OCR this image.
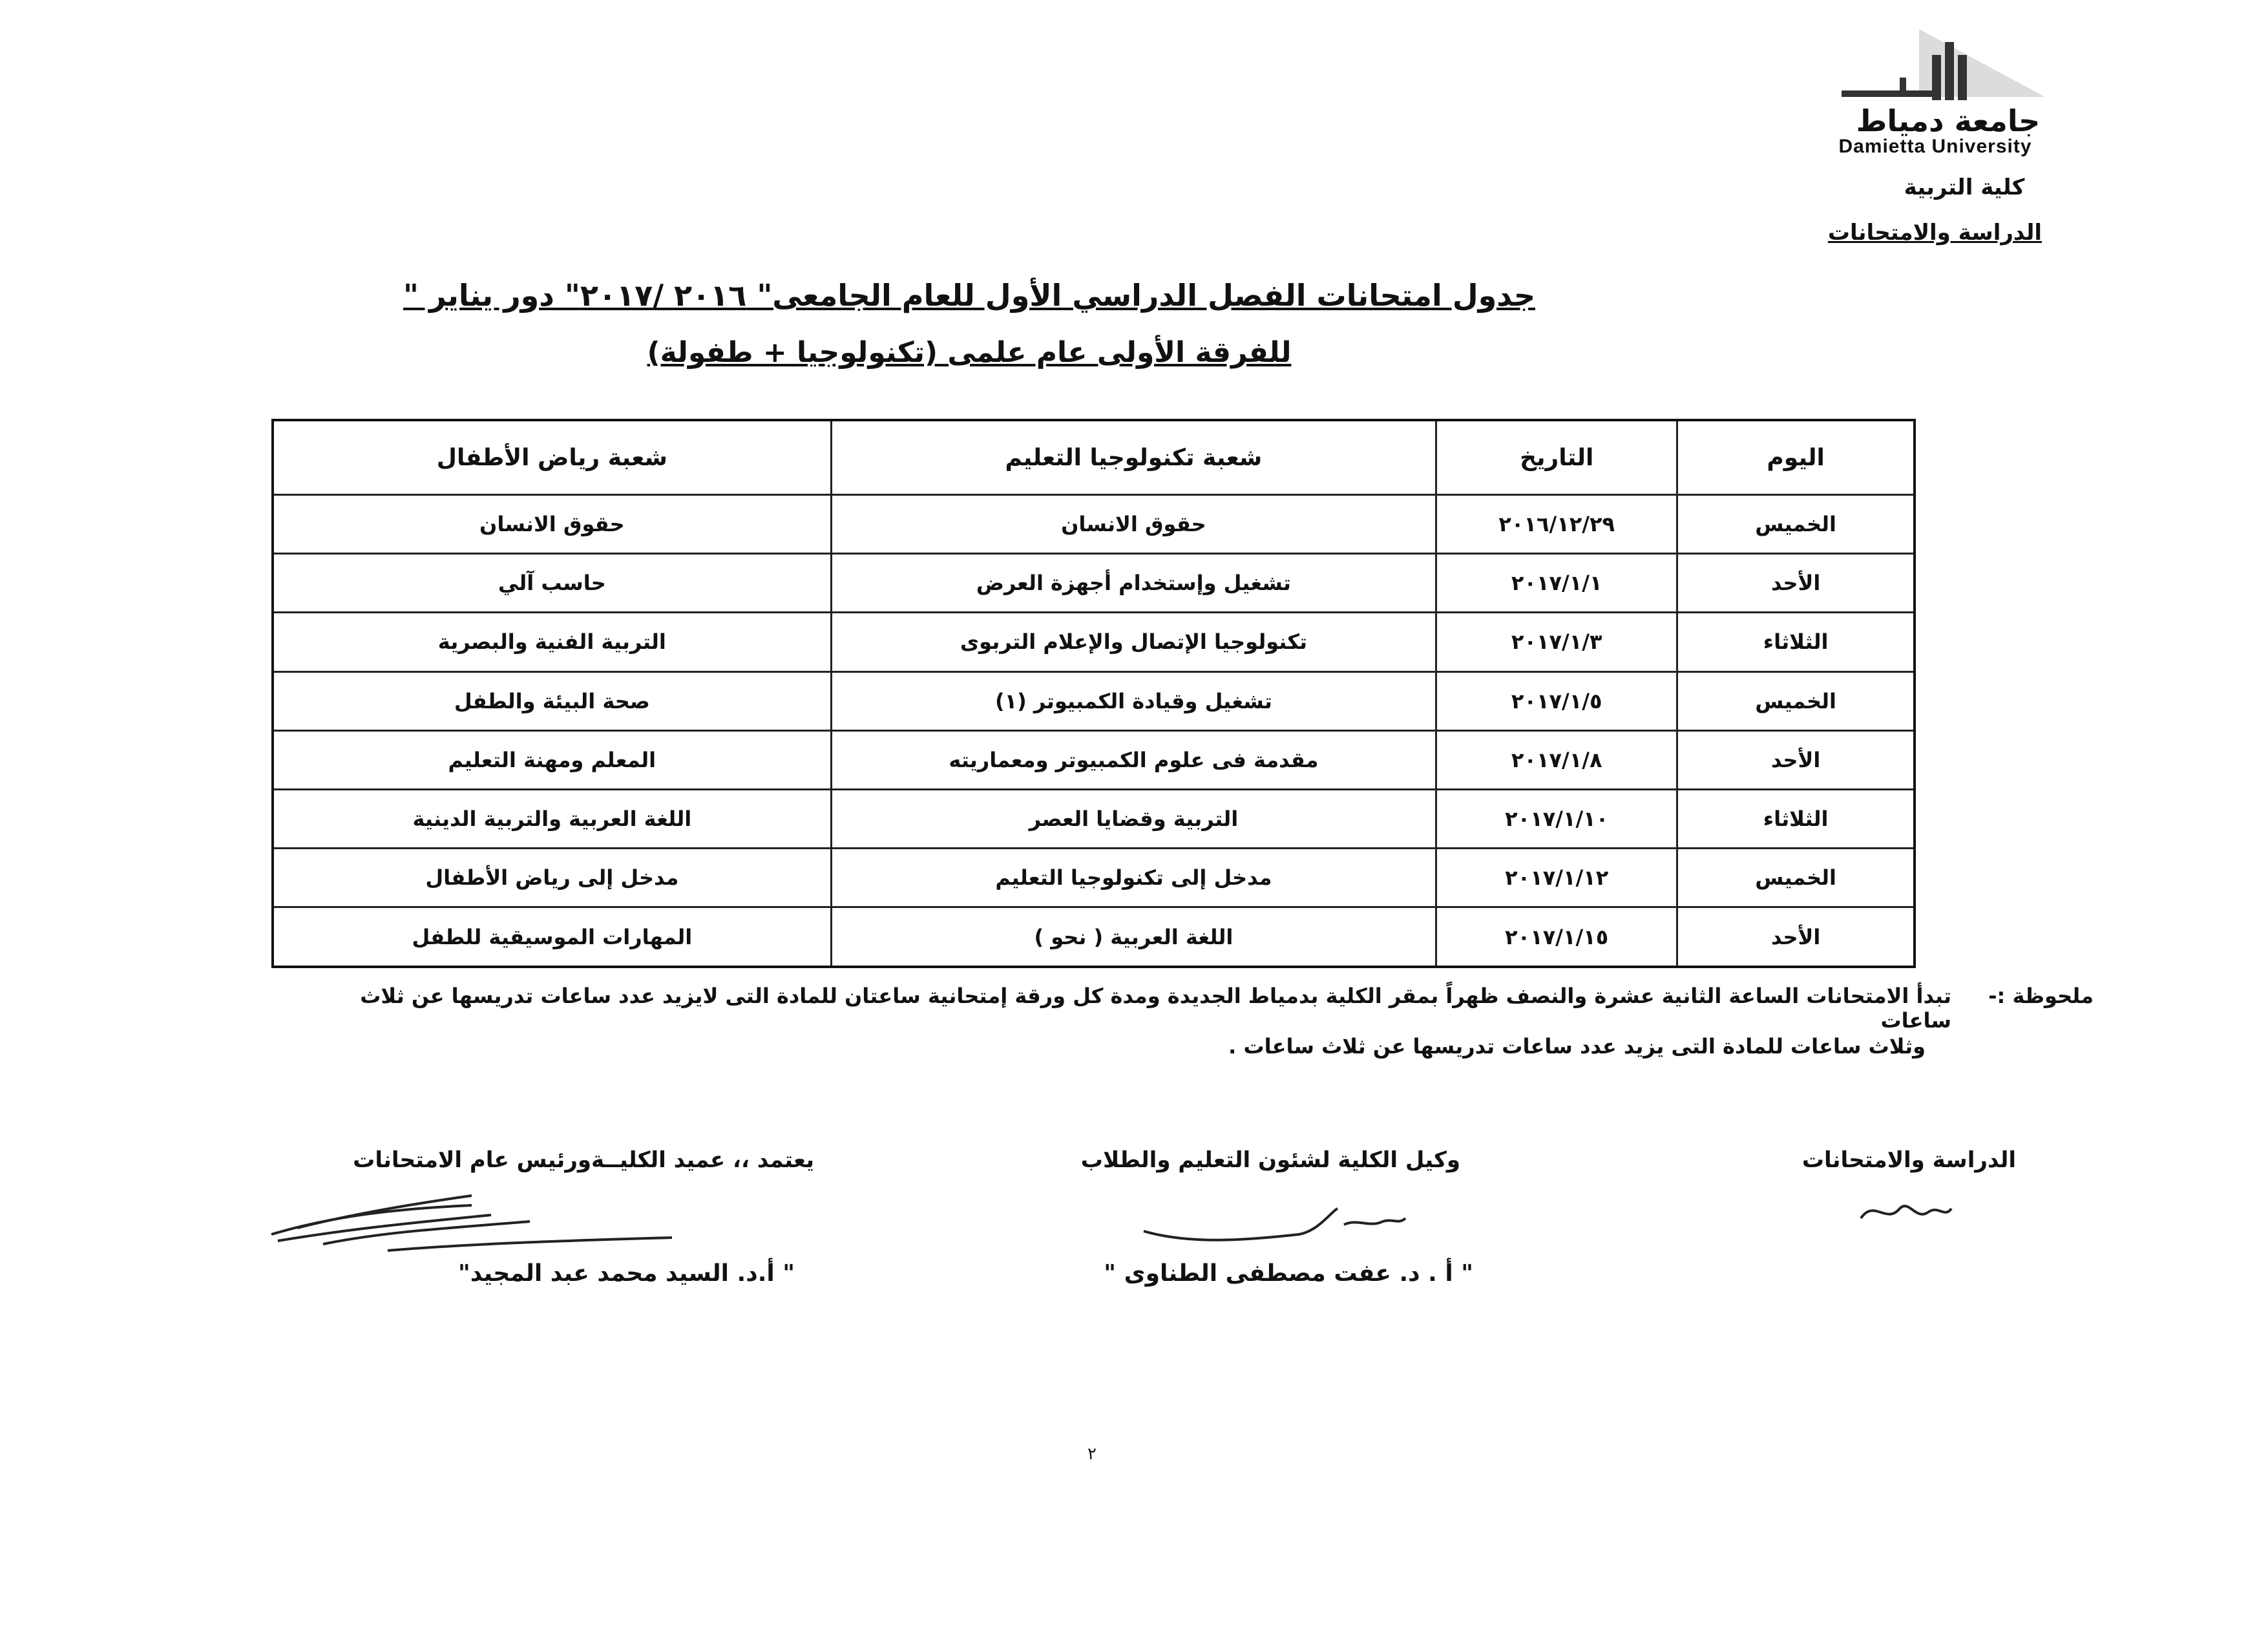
جامعة دمياط
Damietta University
كلية التربية
الدراسة والامتحانات
جدول امتحانات الفصل الدراسي الأول للعام الجامعى" ٢٠١٦ /٢٠١٧" دور يناير "
للفرقة الأولى عام علمى (تكنولوجيا + طفولة)
اليوم	التاريخ	شعبة تكنولوجيا التعليم	شعبة رياض الأطفال
الخميس	٢٠١٦/١٢/٢٩	حقوق الانسان	حقوق الانسان
الأحد	٢٠١٧/١/١	تشغيل وإستخدام أجهزة العرض	حاسب آلي
الثلاثاء	٢٠١٧/١/٣	تكنولوجيا الإتصال والإعلام التربوى	التربية الفنية والبصرية
الخميس	٢٠١٧/١/٥	تشغيل وقيادة الكمبيوتر (١)	صحة البيئة والطفل
الأحد	٢٠١٧/١/٨	مقدمة فى علوم الكمبيوتر ومعماريته	المعلم ومهنة التعليم
الثلاثاء	٢٠١٧/١/١٠	التربية وقضايا العصر	اللغة العربية والتربية الدينية
الخميس	٢٠١٧/١/١٢	مدخل إلى تكنولوجيا التعليم	مدخل إلى رياض الأطفال
الأحد	٢٠١٧/١/١٥	اللغة العربية ( نحو )	المهارات الموسيقية للطفل
ملحوظة :-
تبدأ الامتحانات الساعة الثانية عشرة والنصف ظهراً بمقر الكلية بدمياط الجديدة ومدة كل ورقة إمتحانية ساعتان للمادة التى لايزيد عدد ساعات تدريسها عن ثلاث ساعات
وثلاث ساعات للمادة التى يزيد عدد ساعات تدريسها عن ثلاث ساعات .
الدراسة والامتحانات
وكيل الكلية لشئون التعليم والطلاب
" أ . د. عفت مصطفى الطناوى "
يعتمد ،، عميد الكليــةورئيس عام الامتحانات
" أ.د. السيد محمد عبد المجيد"
٢
